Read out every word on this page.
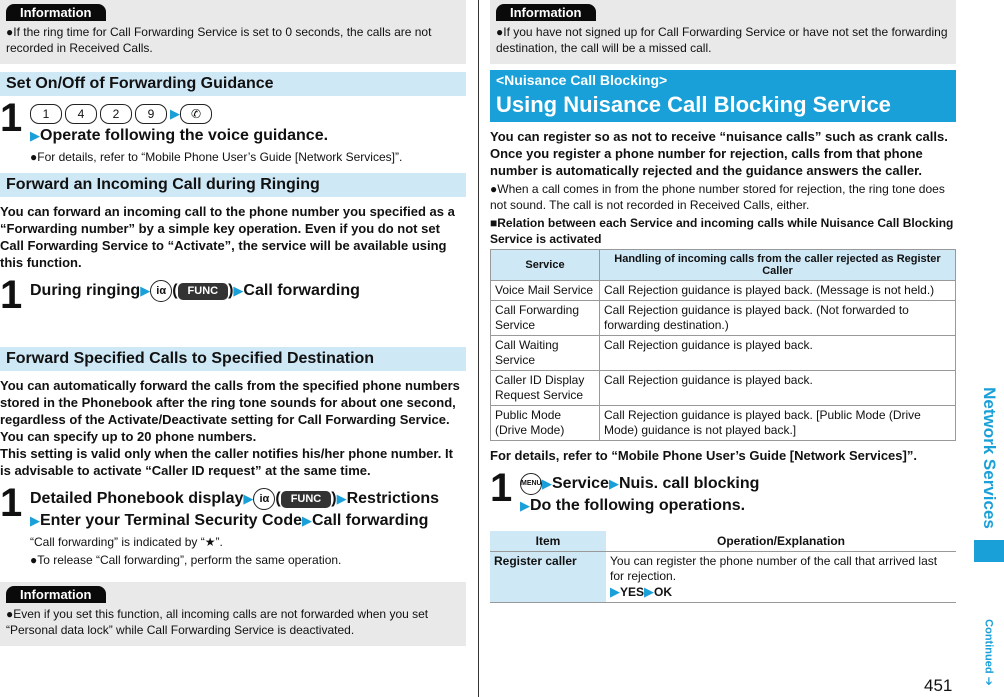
Information

●If the ring time for Call Forwarding Service is set to 0 seconds, the calls are not recorded in Received Calls.

Set On/Off of Forwarding Guidance
1	1 4 2 9 ▶ ✆
▶Operate following the voice guidance.
●For details, refer to “Mobile Phone User’s Guide [Network Services]”.
Forward an Incoming Call during Ringing
You can forward an incoming call to the phone number you specified as a “Forwarding number” by a simple key operation. Even if you do not set Call Forwarding Service to “Activate”, the service will be available using this function.
1 During ringing▶ iα ( FUNC )▶Call forwarding
Forward Specified Calls to Specified Destination
You can automatically forward the calls from the specified phone numbers stored in the Phonebook after the ring tone sounds for about one second, regardless of the Activate/Deactivate setting for Call Forwarding Service.
You can specify up to 20 phone numbers.
This setting is valid only when the caller notifies his/her phone number. It is advisable to activate “Caller ID request” at the same time.
1 Detailed Phonebook display▶ iα ( FUNC )▶Restrictions
▶Enter your Terminal Security Code▶Call forwarding
“Call forwarding” is indicated by “★”.
●To release “Call forwarding”, perform the same operation.
Information

●Even if you set this function, all incoming calls are not forwarded when you set “Personal data lock” while Call Forwarding Service is deactivated.

Information

●If you have not signed up for Call Forwarding Service or have not set the forwarding destination, the call will be a missed call.

<Nuisance Call Blocking>
Using Nuisance Call Blocking Service
You can register so as not to receive “nuisance calls” such as crank calls.
Once you register a phone number for rejection, calls from that phone number is automatically rejected and the guidance answers the caller.
●When a call comes in from the phone number stored for rejection, the ring tone does not sound. The call is not recorded in Received Calls, either.
■Relation between each Service and incoming calls while Nuisance Call Blocking Service is activated
Service	Handling of incoming calls from the caller rejected as Register Caller
Voice Mail Service	Call Rejection guidance is played back. (Message is not held.)
Call Forwarding Service	Call Rejection guidance is played back. (Not forwarded to forwarding destination.)
Call Waiting Service	Call Rejection guidance is played back.
Caller ID Display Request Service	Call Rejection guidance is played back.
Public Mode (Drive Mode)	Call Rejection guidance is played back. [Public Mode (Drive Mode) guidance is not played back.]
For details, refer to “Mobile Phone User’s Guide [Network Services]”.
1	MENU▶Service▶Nuis. call blocking
▶Do the following operations.
Item	Operation/Explanation
Register caller	You can register the phone number of the call that arrived last for rejection.
▶YES▶OK
Network Services
Continued ➔
451
